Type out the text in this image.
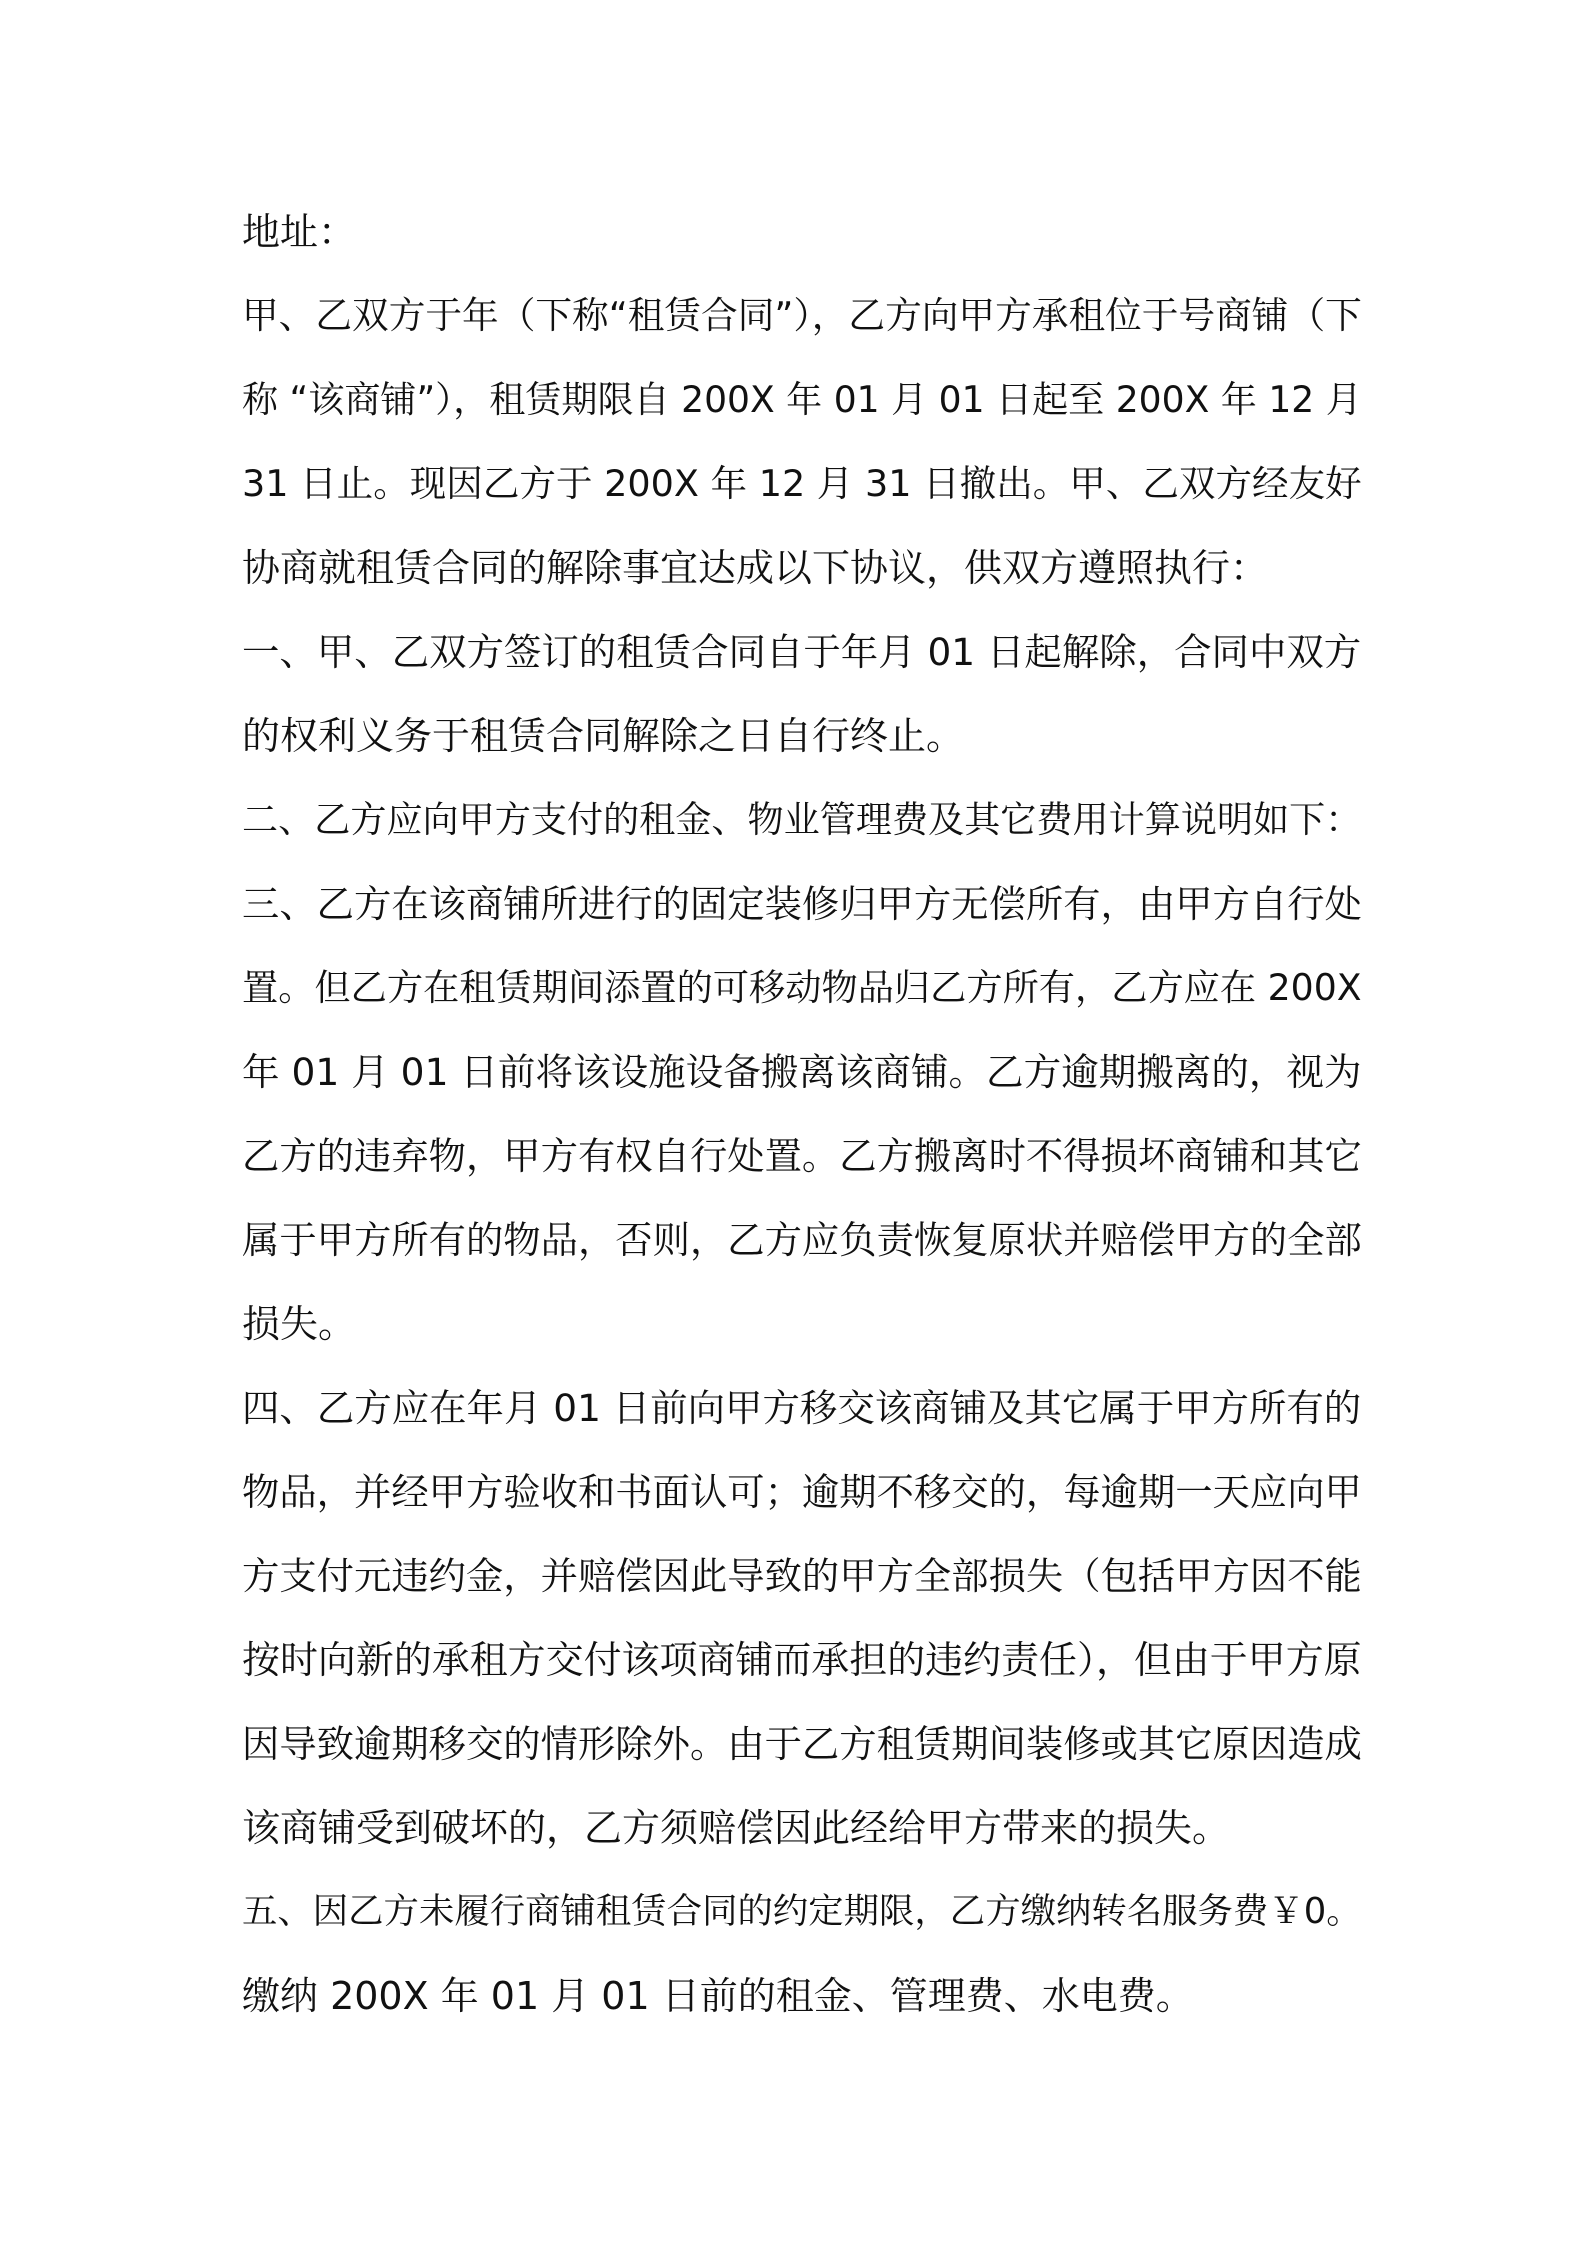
地址：
甲、乙双方于年（下称“租赁合同”），乙方向甲方承租位于号商铺（下
称 “该商铺”），租赁期限自 200X 年 01 月 01 日起至 200X 年 12 月
31 日止。现因乙方于 200X 年 12 月 31 日撤出。甲、乙双方经友好
协商就租赁合同的解除事宜达成以下协议，供双方遵照执行：
一、甲、乙双方签订的租赁合同自于年月 01 日起解除，合同中双方
的权利义务于租赁合同解除之日自行终止。
二、乙方应向甲方支付的租金、物业管理费及其它费用计算说明如下：
三、乙方在该商铺所进行的固定装修归甲方无偿所有，由甲方自行处
置。但乙方在租赁期间添置的可移动物品归乙方所有，乙方应在 200X
年 01 月 01 日前将该设施设备搬离该商铺。乙方逾期搬离的，视为
乙方的违弃物，甲方有权自行处置。乙方搬离时不得损坏商铺和其它
属于甲方所有的物品，否则，乙方应负责恢复原状并赔偿甲方的全部
损失。
四、乙方应在年月 01 日前向甲方移交该商铺及其它属于甲方所有的
物品，并经甲方验收和书面认可；逾期不移交的，每逾期一天应向甲
方支付元违约金，并赔偿因此导致的甲方全部损失（包括甲方因不能
按时向新的承租方交付该项商铺而承担的违约责任），但由于甲方原
因导致逾期移交的情形除外。由于乙方租赁期间装修或其它原因造成
该商铺受到破坏的，乙方须赔偿因此经给甲方带来的损失。
五、因乙方未履行商铺租赁合同的约定期限，乙方缴纳转名服务费￥0。
缴纳 200X 年 01 月 01 日前的租金、管理费、水电费。
